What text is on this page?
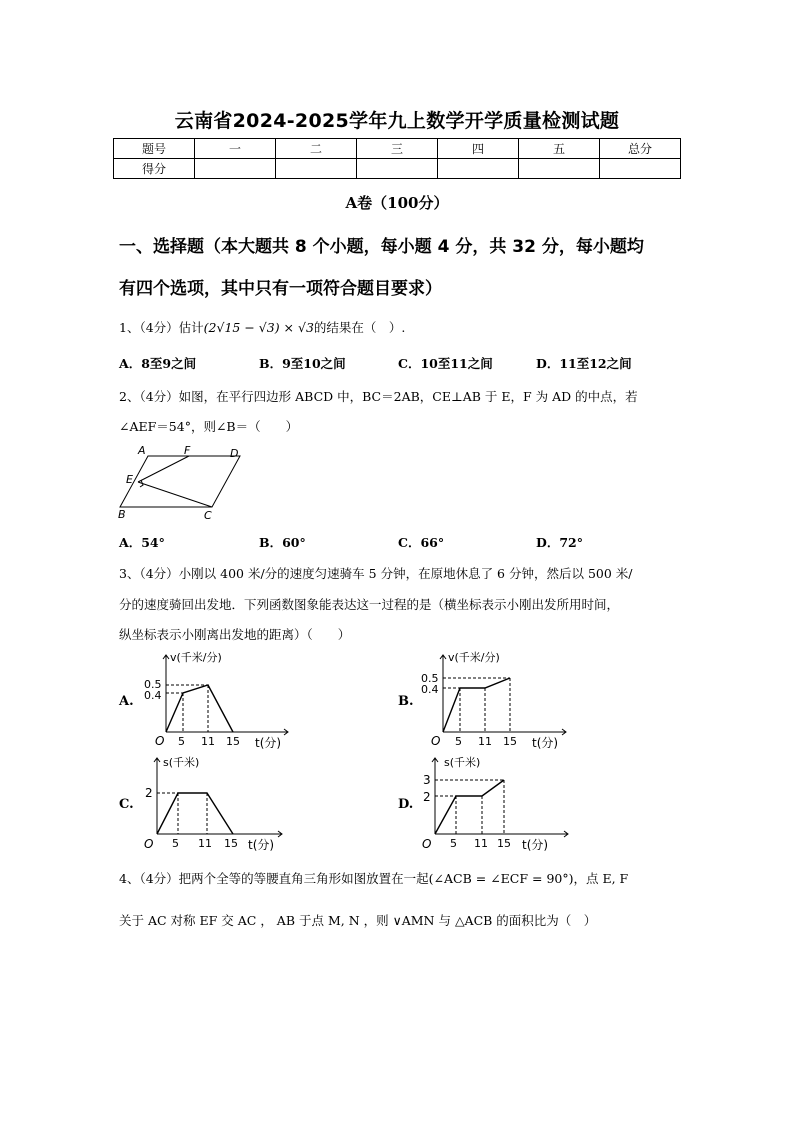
云南省2024-2025学年九上数学开学质量检测试题
题号	一	二	三	四	五	总分
得分						
A卷（100分）
一、选择题（本大题共 8 个小题，每小题 4 分，共 32 分，每小题均
有四个选项，其中只有一项符合题目要求）
1、（4分）估计(2√15 − √3) × √3的结果在（　）.
A．8至9之间	B．9至10之间	C．10至11之间	D．11至12之间
2、（4分）如图，在平行四边形 ABCD 中，BC＝2AB，CE⊥AB 于 E，F 为 AD 的中点，若
∠AEF＝54°，则∠B＝（　　）
A	F	D
E
B	C
A．54°	B．60°	C．66°	D．72°
3、（4分）小刚以 400 米/分的速度匀速骑车 5 分钟，在原地休息了 6 分钟，然后以 500 米/
分的速度骑回出发地．下列函数图象能表达这一过程的是（横坐标表示小刚出发所用时间，
纵坐标表示小刚离出发地的距离）（　　）
A.
v(千米/分)
0.5
0.4
O 5 11 15 t(分)
B.
v(千米/分)
0.5
0.4
O 5 11 15 t(分)
C.
s(千米)
2
O 5 11 15 t(分)
D.
s(千米)
3
2
O 5 11 15 t(分)
4、（4分）把两个全等的等腰直角三角形如图放置在一起(∠ACB = ∠ECF = 90°)，点 E, F
关于 AC 对称 EF 交 AC ， AB 于点 M, N ，则 ∨AMN 与 △ACB 的面积比为（　）
